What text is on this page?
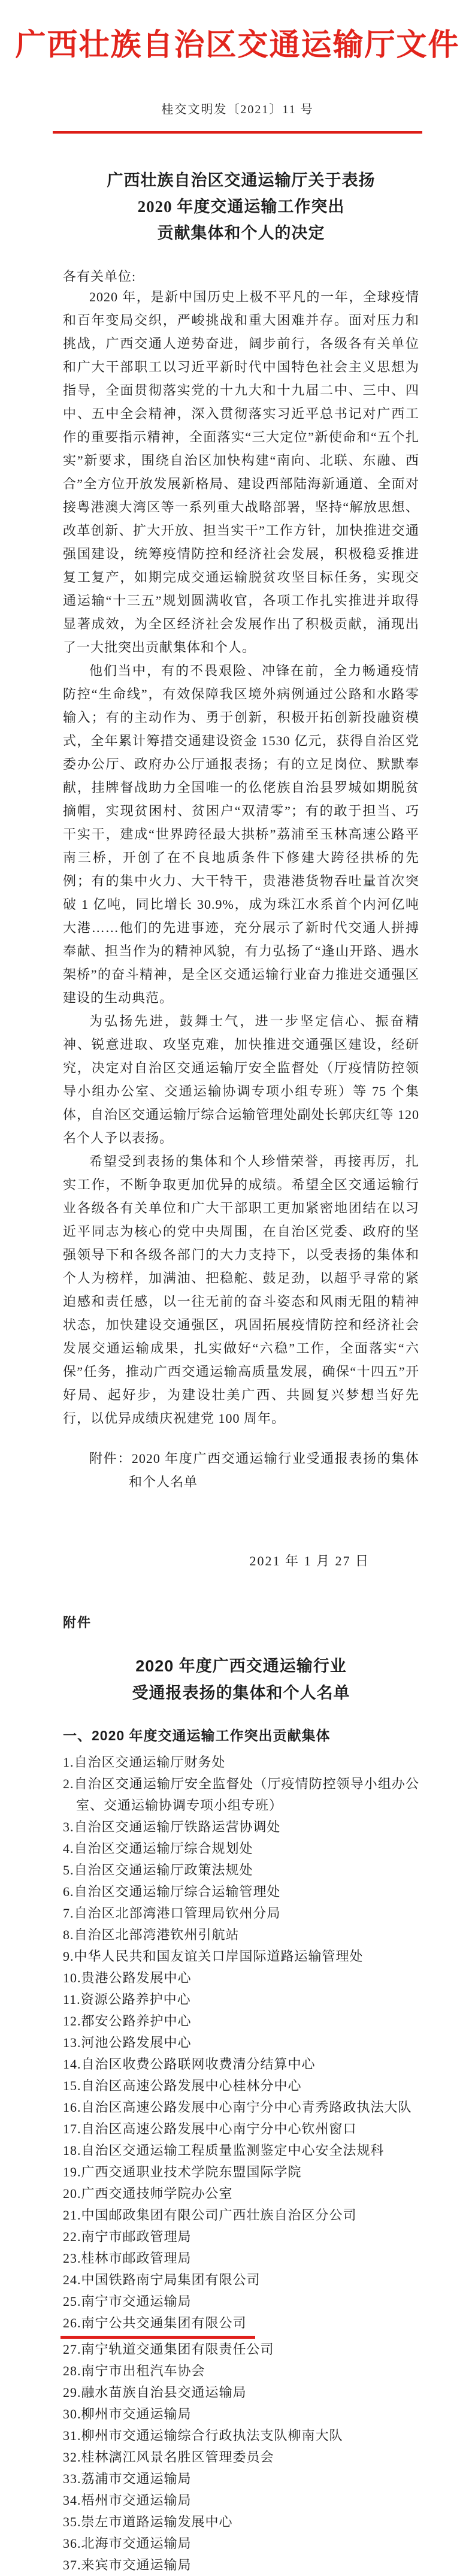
广西壮族自治区交通运输厅文件
桂交文明发〔2021〕11 号
广西壮族自治区交通运输厅关于表扬
2020 年度交通运输工作突出
贡献集体和个人的决定
各有关单位:

2020 年，是新中国历史上极不平凡的一年，全球疫情和百年变局交织，严峻挑战和重大困难并存。面对压力和挑战，广西交通人逆势奋进，阔步前行，各级各有关单位和广大干部职工以习近平新时代中国特色社会主义思想为指导，全面贯彻落实党的十九大和十九届二中、三中、四中、五中全会精神，深入贯彻落实习近平总书记对广西工作的重要指示精神，全面落实“三大定位”新使命和“五个扎实”新要求，围绕自治区加快构建“南向、北联、东融、西合”全方位开放发展新格局、建设西部陆海新通道、全面对接粤港澳大湾区等一系列重大战略部署，坚持“解放思想、改革创新、扩大开放、担当实干”工作方针，加快推进交通强国建设，统筹疫情防控和经济社会发展，积极稳妥推进复工复产，如期完成交通运输脱贫攻坚目标任务，实现交通运输“十三五”规划圆满收官，各项工作扎实推进并取得显著成效，为全区经济社会发展作出了积极贡献，涌现出了一大批突出贡献集体和个人。

他们当中，有的不畏艰险、冲锋在前，全力畅通疫情防控“生命线”，有效保障我区境外病例通过公路和水路零输入；有的主动作为、勇于创新，积极开拓创新投融资模式，全年累计筹措交通建设资金 1530 亿元，获得自治区党委办公厅、政府办公厅通报表扬；有的立足岗位、默默奉献，挂牌督战助力全国唯一的仫佬族自治县罗城如期脱贫摘帽，实现贫困村、贫困户“双清零”；有的敢于担当、巧干实干，建成“世界跨径最大拱桥”荔浦至玉林高速公路平南三桥，开创了在不良地质条件下修建大跨径拱桥的先例；有的集中火力、大干特干，贵港港货物吞吐量首次突破 1 亿吨，同比增长 30.9%，成为珠江水系首个内河亿吨大港……他们的先进事迹，充分展示了新时代交通人拼搏奉献、担当作为的精神风貌，有力弘扬了“逢山开路、遇水架桥”的奋斗精神，是全区交通运输行业奋力推进交通强区建设的生动典范。

为弘扬先进，鼓舞士气，进一步坚定信心、振奋精神、锐意进取、攻坚克难，加快推进交通强区建设，经研究，决定对自治区交通运输厅安全监督处（厅疫情防控领导小组办公室、交通运输协调专项小组专班）等 75 个集体，自治区交通运输厅综合运输管理处副处长郭庆红等 120 名个人予以表扬。

希望受到表扬的集体和个人珍惜荣誉，再接再厉，扎实工作，不断争取更加优异的成绩。希望全区交通运输行业各级各有关单位和广大干部职工更加紧密地团结在以习近平同志为核心的党中央周围，在自治区党委、政府的坚强领导下和各级各部门的大力支持下，以受表扬的集体和个人为榜样，加满油、把稳舵、鼓足劲，以超乎寻常的紧迫感和责任感，以一往无前的奋斗姿态和风雨无阻的精神状态，加快建设交通强区，巩固拓展疫情防控和经济社会发展交通运输成果，扎实做好“六稳”工作，全面落实“六保”任务，推动广西交通运输高质量发展，确保“十四五”开好局、起好步，为建设壮美广西、共圆复兴梦想当好先行，以优异成绩庆祝建党 100 周年。

附件：2020 年度广西交通运输行业受通报表扬的集体和个人名单
2021 年 1 月 27 日
附件
2020 年度广西交通运输行业
受通报表扬的集体和个人名单
一、2020 年度交通运输工作突出贡献集体
1.自治区交通运输厅财务处
2.自治区交通运输厅安全监督处（厅疫情防控领导小组办公室、交通运输协调专项小组专班）
3.自治区交通运输厅铁路运营协调处
4.自治区交通运输厅综合规划处
5.自治区交通运输厅政策法规处
6.自治区交通运输厅综合运输管理处
7.自治区北部湾港口管理局钦州分局
8.自治区北部湾港钦州引航站
9.中华人民共和国友谊关口岸国际道路运输管理处
10.贵港公路发展中心
11.资源公路养护中心
12.都安公路养护中心
13.河池公路发展中心
14.自治区收费公路联网收费清分结算中心
15.自治区高速公路发展中心桂林分中心
16.自治区高速公路发展中心南宁分中心青秀路政执法大队
17.自治区高速公路发展中心南宁分中心钦州窗口
18.自治区交通运输工程质量监测鉴定中心安全法规科
19.广西交通职业技术学院东盟国际学院
20.广西交通技师学院办公室
21.中国邮政集团有限公司广西壮族自治区分公司
22.南宁市邮政管理局
23.桂林市邮政管理局
24.中国铁路南宁局集团有限公司
25.南宁市交通运输局
26.南宁公共交通集团有限公司
27.南宁轨道交通集团有限责任公司
28.南宁市出租汽车协会
29.融水苗族自治县交通运输局
30.柳州市交通运输局
31.柳州市交通运输综合行政执法支队柳南大队
32.桂林漓江风景名胜区管理委员会
33.荔浦市交通运输局
34.梧州市交通运输局
35.崇左市道路运输发展中心
36.北海市交通运输局
37.来宾市交通运输局
